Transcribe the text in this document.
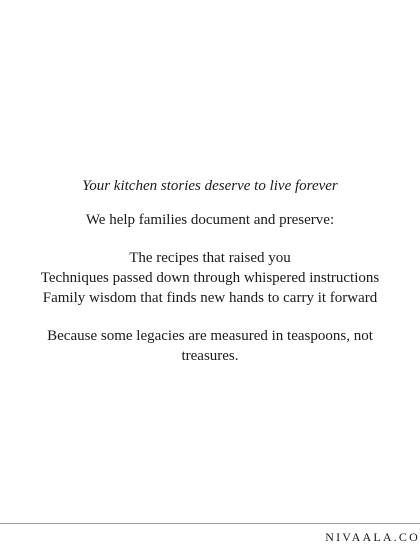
Your kitchen stories deserve to live forever

We help families document and preserve:

The recipes that raised you
Techniques passed down through whispered instructions
Family wisdom that finds new hands to carry it forward

Because some legacies are measured in teaspoons, not treasures.

NIVAALA.CO
